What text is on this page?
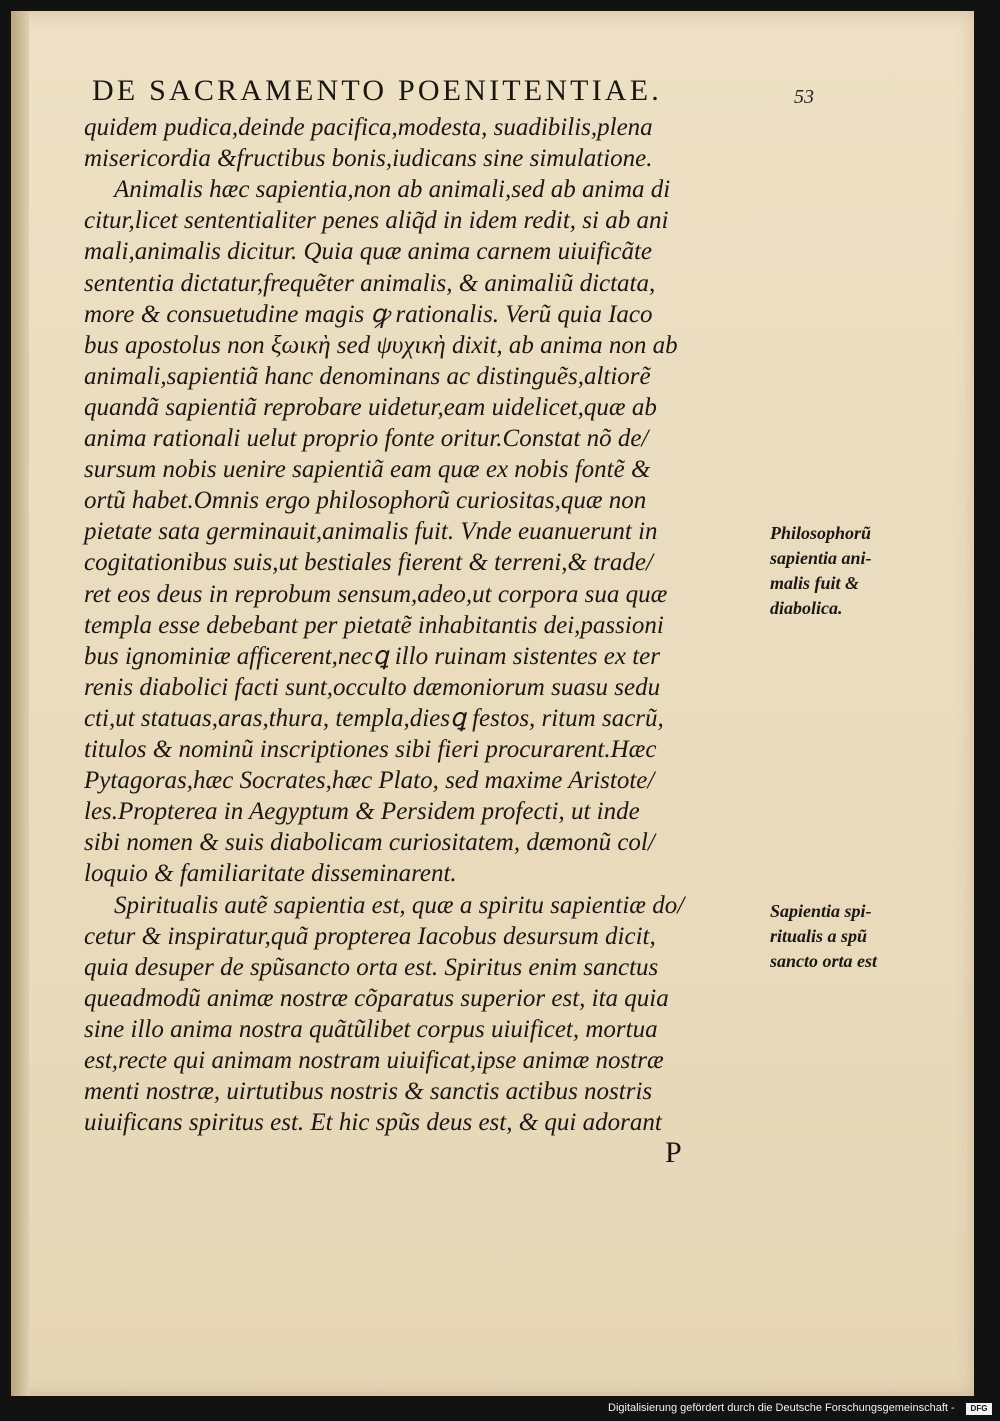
DE SACRAMENTO POENITENTIAE.	53
quidem pudica,deinde pacifica,modesta, suadibilis,plena
misericordia &fructibus bonis,iudicans sine simulatione.
Animalis hæc sapientia,non ab animali,sed ab anima di
citur,licet sententialiter penes aliq̃d in idem redit, si ab ani
mali,animalis dicitur. Quia quæ anima carnem uiuificãte
sententia dictatur,frequẽter animalis, & animaliũ dictata,
more & consuetudine magis ꝙ rationalis. Verũ quia Iaco
bus apostolus non ξωικὴ sed ψυχικὴ dixit, ab anima non ab
animali,sapientiã hanc denominans ac distinguẽs,altiorẽ
quandã sapientiã reprobare uidetur,eam uidelicet,quæ ab
anima rationali uelut proprio fonte oritur.Constat nõ de/
sursum nobis uenire sapientiã eam quæ ex nobis fontẽ &
ortũ habet.Omnis ergo philosophorũ curiositas,quæ non
pietate sata germinauit,animalis fuit. Vnde euanuerunt in
cogitationibus suis,ut bestiales fierent & terreni,& trade/
ret eos deus in reprobum sensum,adeo,ut corpora sua quæ
templa esse debebant per pietatẽ inhabitantis dei,passioni
bus ignominiæ afficerent,necꝗ illo ruinam sistentes ex ter
renis diabolici facti sunt,occulto dæmoniorum suasu sedu
cti,ut statuas,aras,thura, templa,diesꝗ festos, ritum sacrũ,
titulos & nominũ inscriptiones sibi fieri procurarent.Hæc
Pytagoras,hæc Socrates,hæc Plato, sed maxime Aristote/
les.Propterea in Aegyptum & Persidem profecti, ut inde
sibi nomen & suis diabolicam curiositatem, dæmonũ col/
loquio & familiaritate disseminarent.
Spiritualis autẽ sapientia est, quæ a spiritu sapientiæ do/
cetur & inspiratur,quã propterea Iacobus desursum dicit,
quia desuper de spũsancto orta est. Spiritus enim sanctus
queadmodũ animæ nostræ cõparatus superior est, ita quia
sine illo anima nostra quãtũlibet corpus uiuificet, mortua
est,recte qui animam nostram uiuificat,ipse animæ nostræ
menti nostræ, uirtutibus nostris & sanctis actibus nostris
uiuificans spiritus est. Et hic spũs deus est, & qui adorant
Philosophorũ
sapientia ani-
malis fuit &
diabolica.
Sapientia spi-
ritualis a spũ
sancto orta est
P
Digitalisierung gefördert durch die Deutsche Forschungsgemeinschaft -	DFG
